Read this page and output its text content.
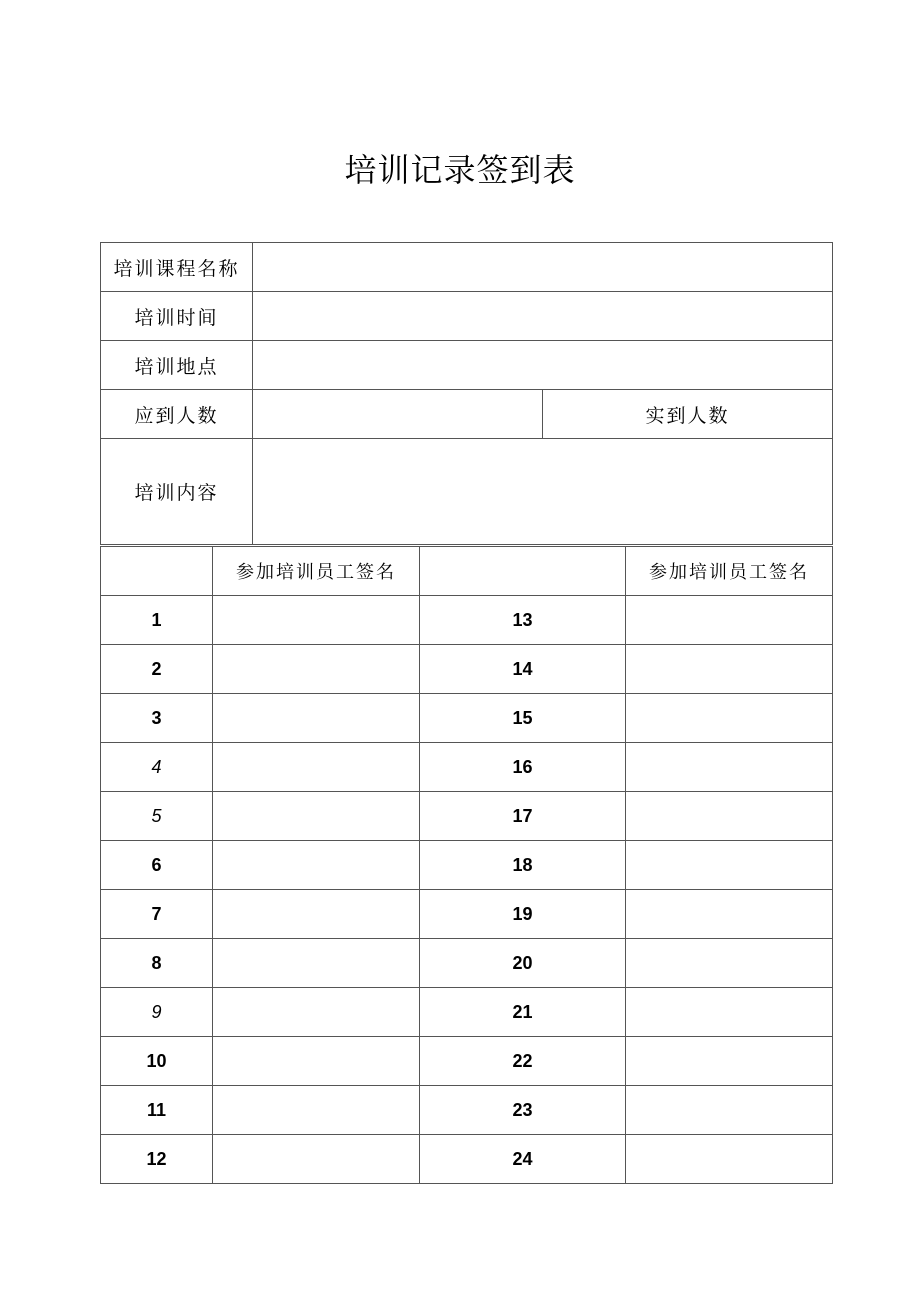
培训记录签到表
培训课程名称		
培训时间		
培训地点		
应到人数		实到人数
培训内容		
	参加培训员工签名		参加培训员工签名
1		13	
2		14	
3		15	
4		16	
5		17	
6		18	
7		19	
8		20	
9		21	
10		22	
11		23	
12		24	
